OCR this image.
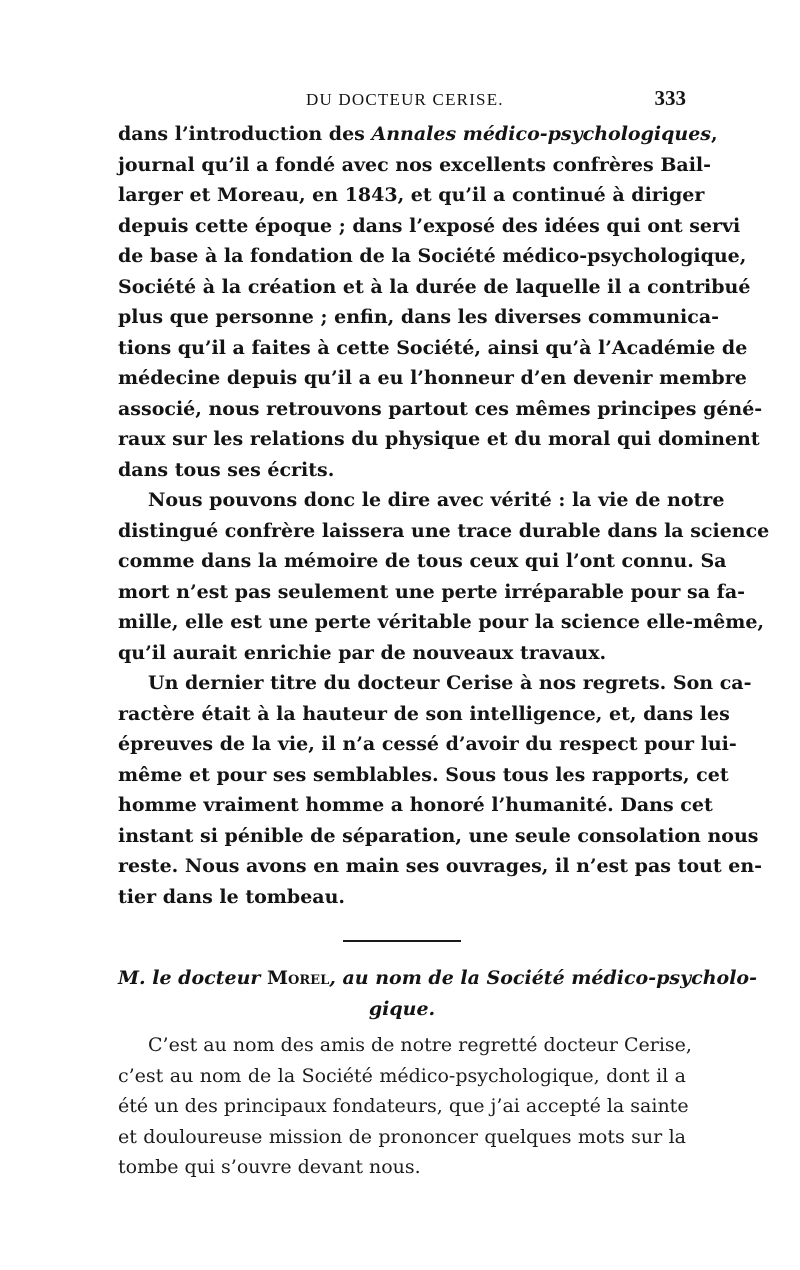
DU DOCTEUR CERISE.	333
dans l’introduction des Annales médico-psychologiques,
journal qu’il a fondé avec nos excellents confrères Bail-
larger et Moreau, en 1843, et qu’il a continué à diriger
depuis cette époque ; dans l’exposé des idées qui ont servi
de base à la fondation de la Société médico-psychologique,
Société à la création et à la durée de laquelle il a contribué
plus que personne ; enfin, dans les diverses communica-
tions qu’il a faites à cette Société, ainsi qu’à l’Académie de
médecine depuis qu’il a eu l’honneur d’en devenir membre
associé, nous retrouvons partout ces mêmes principes géné-
raux sur les relations du physique et du moral qui dominent
dans tous ses écrits.
Nous pouvons donc le dire avec vérité : la vie de notre
distingué confrère laissera une trace durable dans la science
comme dans la mémoire de tous ceux qui l’ont connu. Sa
mort n’est pas seulement une perte irréparable pour sa fa-
mille, elle est une perte véritable pour la science elle-même,
qu’il aurait enrichie par de nouveaux travaux.
Un dernier titre du docteur Cerise à nos regrets. Son ca-
ractère était à la hauteur de son intelligence, et, dans les
épreuves de la vie, il n’a cessé d’avoir du respect pour lui-
même et pour ses semblables. Sous tous les rapports, cet
homme vraiment homme a honoré l’humanité. Dans cet
instant si pénible de séparation, une seule consolation nous
reste. Nous avons en main ses ouvrages, il n’est pas tout en-
tier dans le tombeau.
M. le docteur Morel, au nom de la Société médico-psycholo-
gique.
C’est au nom des amis de notre regretté docteur Cerise,
c’est au nom de la Société médico-psychologique, dont il a
été un des principaux fondateurs, que j’ai accepté la sainte
et douloureuse mission de prononcer quelques mots sur la
tombe qui s’ouvre devant nous.
